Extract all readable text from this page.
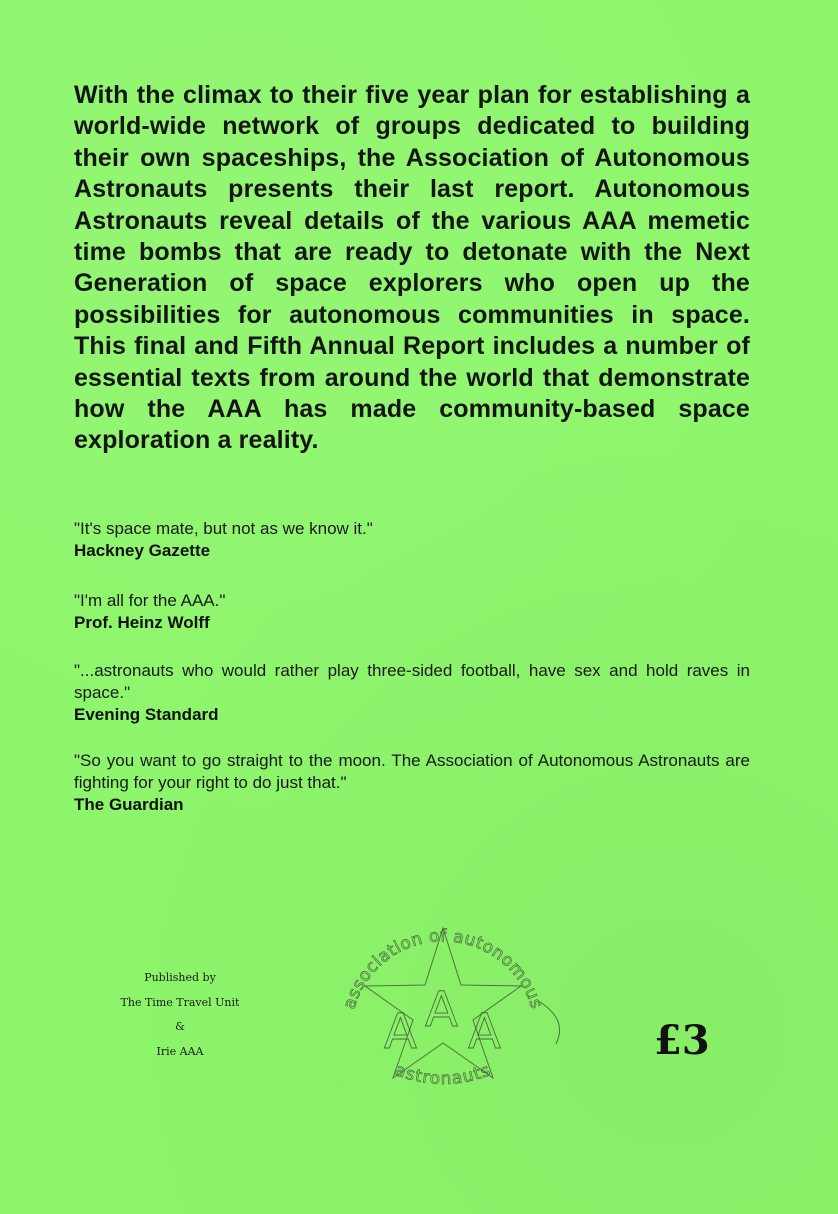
With the climax to their five year plan for establishing a world-wide network of groups dedicated to building their own spaceships, the Association of Autonomous Astronauts presents their last report. Autonomous Astronauts reveal details of the various AAA memetic time bombs that are ready to detonate with the Next Generation of space explorers who open up the possibilities for autonomous communities in space. This final and Fifth Annual Report includes a number of essential texts from around the world that demonstrate how the AAA has made community-based space exploration a reality.

"It's space mate, but not as we know it."

Hackney Gazette

"I'm all for the AAA."

Prof. Heinz Wolff

"...astronauts who would rather play three-sided football, have sex and hold raves in space."

Evening Standard

"So you want to go straight to the moon. The Association of Autonomous Astronauts are fighting for your right to do just that."

The Guardian

Published by
The Time Travel Unit
&
Irie AAA	A A A
association of autonomous
astronauts
£3
